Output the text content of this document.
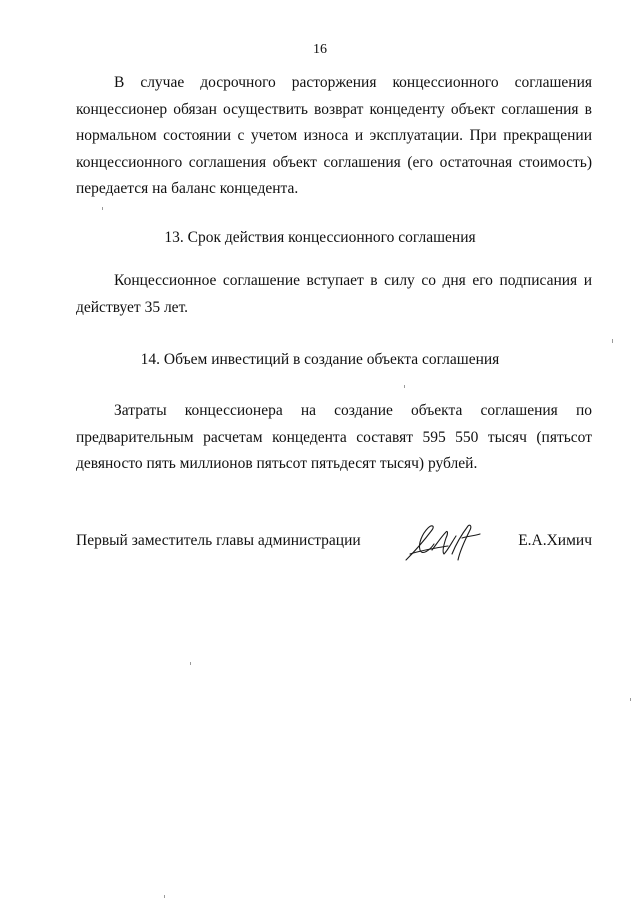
16

В случае досрочного расторжения концессионного соглашения концессионер обязан осуществить возврат концеденту объект соглашения в нормальном состоянии с учетом износа и эксплуатации. При прекращении концессионного соглашения объект соглашения (его остаточная стоимость) передается на баланс концедента.

13. Срок действия концессионного соглашения

Концессионное соглашение вступает в силу со дня его подписания и действует 35 лет.

14. Объем инвестиций в создание объекта соглашения

Затраты концессионера на создание объекта соглашения по предварительным расчетам концедента составят 595 550 тысяч (пятьсот девяносто пять миллионов пятьсот пятьдесят тысяч) рублей.

Первый заместитель главы администрации	Е.А.Химич
